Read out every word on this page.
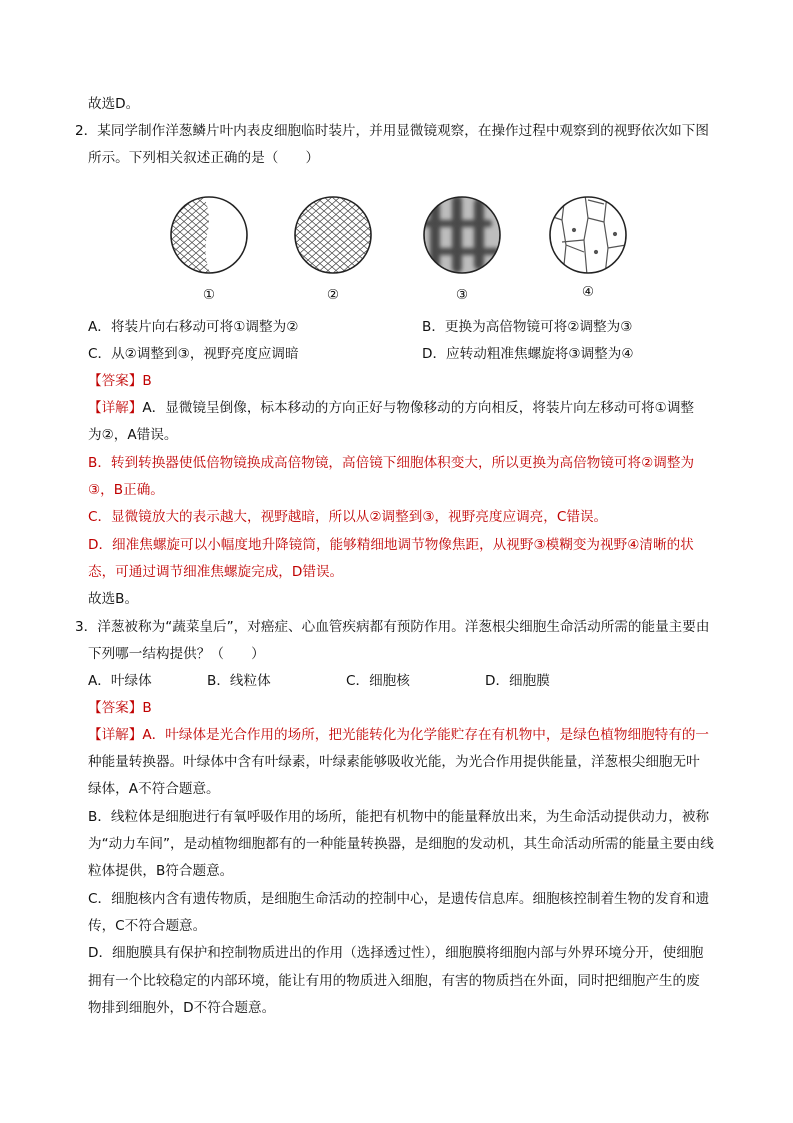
故选D。
2．某同学制作洋葱鳞片叶内表皮细胞临时装片，并用显微镜观察，在操作过程中观察到的视野依次如下图
所示。下列相关叙述正确的是（　　）
①	②	③	④
A．将装片向右移动可将①调整为②	B．更换为高倍物镜可将②调整为③
C．从②调整到③，视野亮度应调暗	D．应转动粗准焦螺旋将③调整为④
【答案】B
【详解】A．显微镜呈倒像，标本移动的方向正好与物像移动的方向相反，将装片向左移动可将①调整
为②，A错误。
B．转到转换器使低倍物镜换成高倍物镜，高倍镜下细胞体积变大，所以更换为高倍物镜可将②调整为
③，B正确。
C．显微镜放大的表示越大，视野越暗，所以从②调整到③，视野亮度应调亮，C错误。
D．细准焦螺旋可以小幅度地升降镜筒，能够精细地调节物像焦距，从视野③模糊变为视野④清晰的状
态，可通过调节细准焦螺旋完成，D错误。
故选B。
3．洋葱被称为“蔬菜皇后”，对癌症、心血管疾病都有预防作用。洋葱根尖细胞生命活动所需的能量主要由
下列哪一结构提供？（　　）
A．叶绿体	B．线粒体	C．细胞核	D．细胞膜
【答案】B
【详解】A．叶绿体是光合作用的场所，把光能转化为化学能贮存在有机物中，是绿色植物细胞特有的一
种能量转换器。叶绿体中含有叶绿素，叶绿素能够吸收光能，为光合作用提供能量，洋葱根尖细胞无叶
绿体，A不符合题意。
B．线粒体是细胞进行有氧呼吸作用的场所，能把有机物中的能量释放出来，为生命活动提供动力，被称
为“动力车间”，是动植物细胞都有的一种能量转换器，是细胞的发动机，其生命活动所需的能量主要由线
粒体提供，B符合题意。
C．细胞核内含有遗传物质，是细胞生命活动的控制中心，是遗传信息库。细胞核控制着生物的发育和遗
传，C不符合题意。
D．细胞膜具有保护和控制物质进出的作用（选择透过性），细胞膜将细胞内部与外界环境分开，使细胞
拥有一个比较稳定的内部环境，能让有用的物质进入细胞，有害的物质挡在外面，同时把细胞产生的废
物排到细胞外，D不符合题意。
